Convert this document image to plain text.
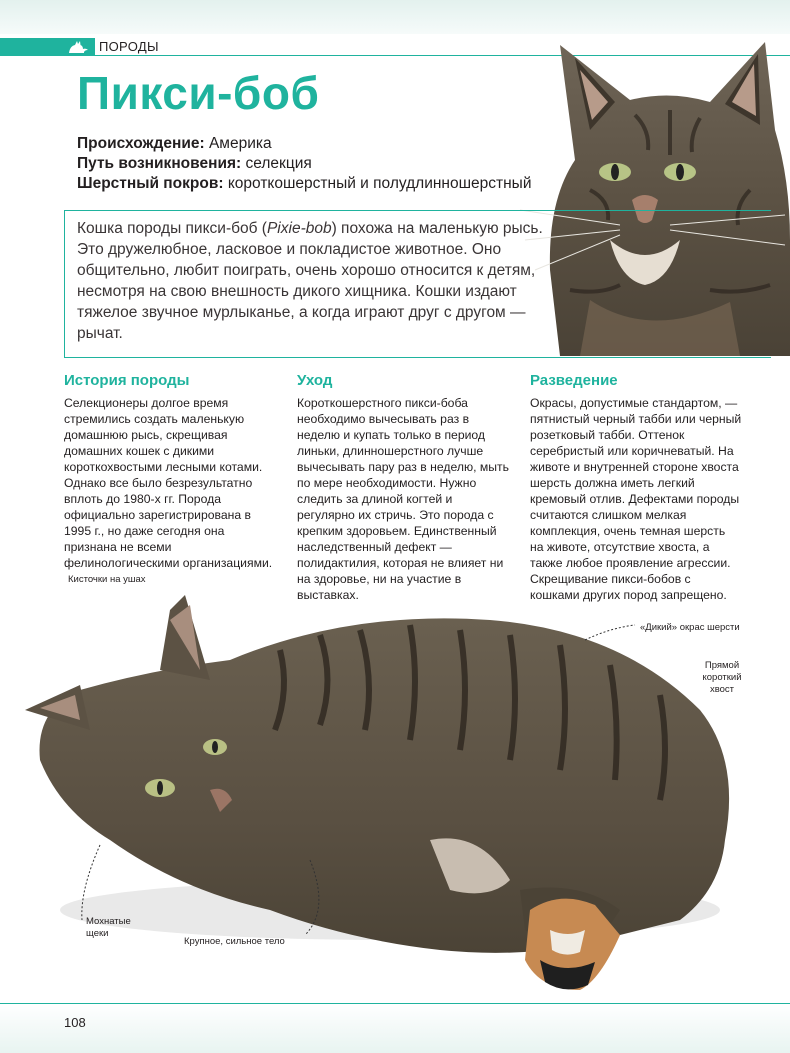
ПОРОДЫ
Пикси-боб
Происхождение: Америка
Путь возникновения: селекция
Шерстный покров: короткошерстный и полудлинношерстный
Кошка породы пикси-боб (Pixie-bob) похожа на маленькую рысь. Это дружелюбное, ласковое и покладистое животное. Оно общительно, любит поиграть, очень хорошо относится к детям, несмотря на свою внешность дикого хищника. Кошки издают тяжелое звучное мурлыканье, а когда играют друг с другом — рычат.
История породы

Селекционеры долгое время стремились создать маленькую домашнюю рысь, скрещивая домашних кошек с дикими короткохвостыми лесными котами. Однако все было безрезультатно вплоть до 1980-х гг. Порода официально зарегистрирована в 1995 г., но даже сегодня она признана не всеми фелинологическими организациями.

Уход

Короткошерстного пикси-боба необходимо вычесывать раз в неделю и купать только в период линьки, длинношерстного лучше вычесывать пару раз в неделю, мыть по мере необходимости. Нужно следить за длиной когтей и регулярно их стричь. Это порода с крепким здоровьем. Единственный наследственный дефект — полидактилия, которая не влияет ни на здоровье, ни на участие в выставках.

Разведение

Окрасы, допустимые стандартом, — пятнистый черный табби или черный розетковый табби. Оттенок серебристый или коричневатый. На животе и внутренней стороне хвоста шерсть должна иметь легкий кремовый отлив. Дефектами породы считаются слишком мелкая комплекция, очень темная шерсть на животе, отсутствие хвоста, а также любое проявление агрессии. Скрещивание пикси-бобов с кошками других пород запрещено.

Кисточки на ушах
«Дикий» окрас шерсти
Прямой короткий хвост
Мохнатые щеки
Крупное, сильное тело
108
